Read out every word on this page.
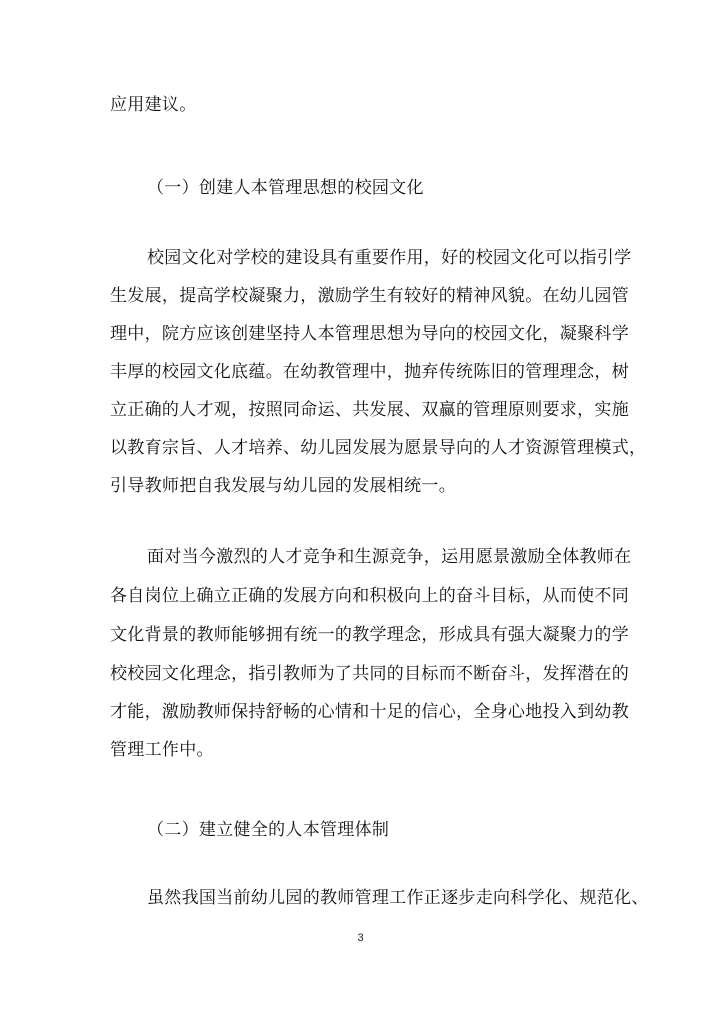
应用建议。

（一）创建人本管理思想的校园文化

校园文化对学校的建设具有重要作用，好的校园文化可以指引学

生发展，提高学校凝聚力，激励学生有较好的精神风貌。在幼儿园管

理中，院方应该创建坚持人本管理思想为导向的校园文化，凝聚科学

丰厚的校园文化底蕴。在幼教管理中，抛弃传统陈旧的管理理念，树

立正确的人才观，按照同命运、共发展、双赢的管理原则要求，实施

以教育宗旨、人才培养、幼儿园发展为愿景导向的人才资源管理模式，

引导教师把自我发展与幼儿园的发展相统一。

面对当今激烈的人才竞争和生源竞争，运用愿景激励全体教师在

各自岗位上确立正确的发展方向和积极向上的奋斗目标，从而使不同

文化背景的教师能够拥有统一的教学理念，形成具有强大凝聚力的学

校校园文化理念，指引教师为了共同的目标而不断奋斗，发挥潜在的

才能，激励教师保持舒畅的心情和十足的信心，全身心地投入到幼教

管理工作中。

（二）建立健全的人本管理体制

虽然我国当前幼儿园的教师管理工作正逐步走向科学化、规范化、

3
